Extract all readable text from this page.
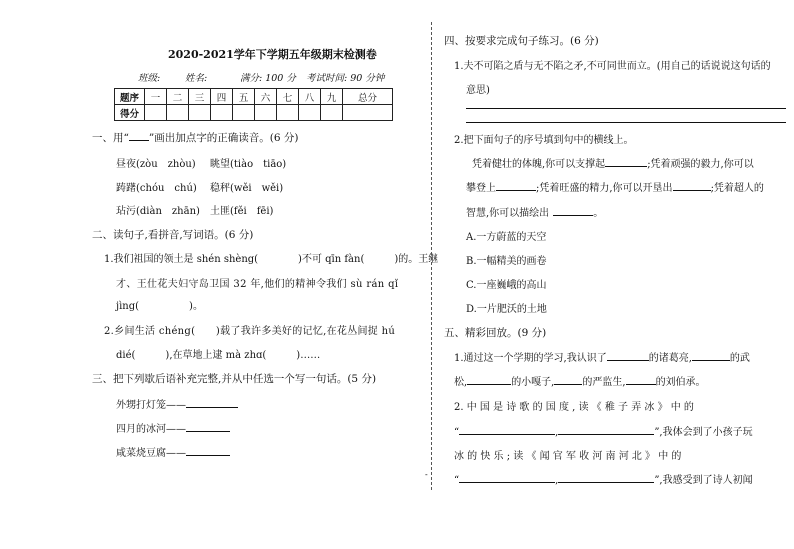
2020-2021学年下学期五年级期末检测卷
班级:	姓名:	满分: 100 分 考试时间: 90 分钟
题序	一	二	三	四	五	六	七	八	九	总分
得分										
一、用“ ”画出加点字的正确读音。(6 分)
昼夜(zòu　zhòu) 眺望(tiào　tiāo)
踌躇(chóu　chú) 稳秤(wěi　wěi)
玷污(diàn　zhān) 土匪(fěi　fēi)
二、读句子,看拼音,写词语。(6 分)
1.我们祖国的领土是 shén shèng(　　　　)不可 qīn fàn(　　　)的。王继
才、王仕花夫妇守岛卫国 32 年,他们的精神令我们 sù rán qǐ
jìng(　　　　　)。
2.乡间生活 chéng(　　)载了我许多美好的记忆,在花丛间捉 hú
dié(　　　),在草地上逮 mà zhɑ(　　　)……
三、把下列歇后语补充完整,并从中任选一个写一句话。(5 分)
外甥打灯笼——
四月的冰河——
咸菜烧豆腐——
-
四、按要求完成句子练习。(6 分)
1.夫不可陷之盾与无不陷之矛,不可同世而立。(用自己的话说说这句话的
意思)
2.把下面句子的序号填到句中的横线上。
凭着健壮的体魄,你可以支撑起	;凭着顽强的毅力,你可以
攀登上	;凭着旺盛的精力,你可以开垦出	;凭着超人的
智慧,你可以描绘出	。
A.一方蔚蓝的天空
B.一幅精美的画卷
C.一座巍峨的高山
D.一片肥沃的土地
五、精彩回放。(9 分)
1.通过这一个学期的学习,我认识了	的诸葛亮,	的武
松,	的小嘎子,	的严监生,	的刘伯承。
2. 中 国 是 诗 歌 的 国 度 , 读 《 稚 子 弄 冰 》 中 的
“	,	”,我体会到了小孩子玩
冰 的 快 乐 ; 读 《 闻 官 军 收 河 南 河 北 》 中 的
“	,	”,我感受到了诗人初闻
